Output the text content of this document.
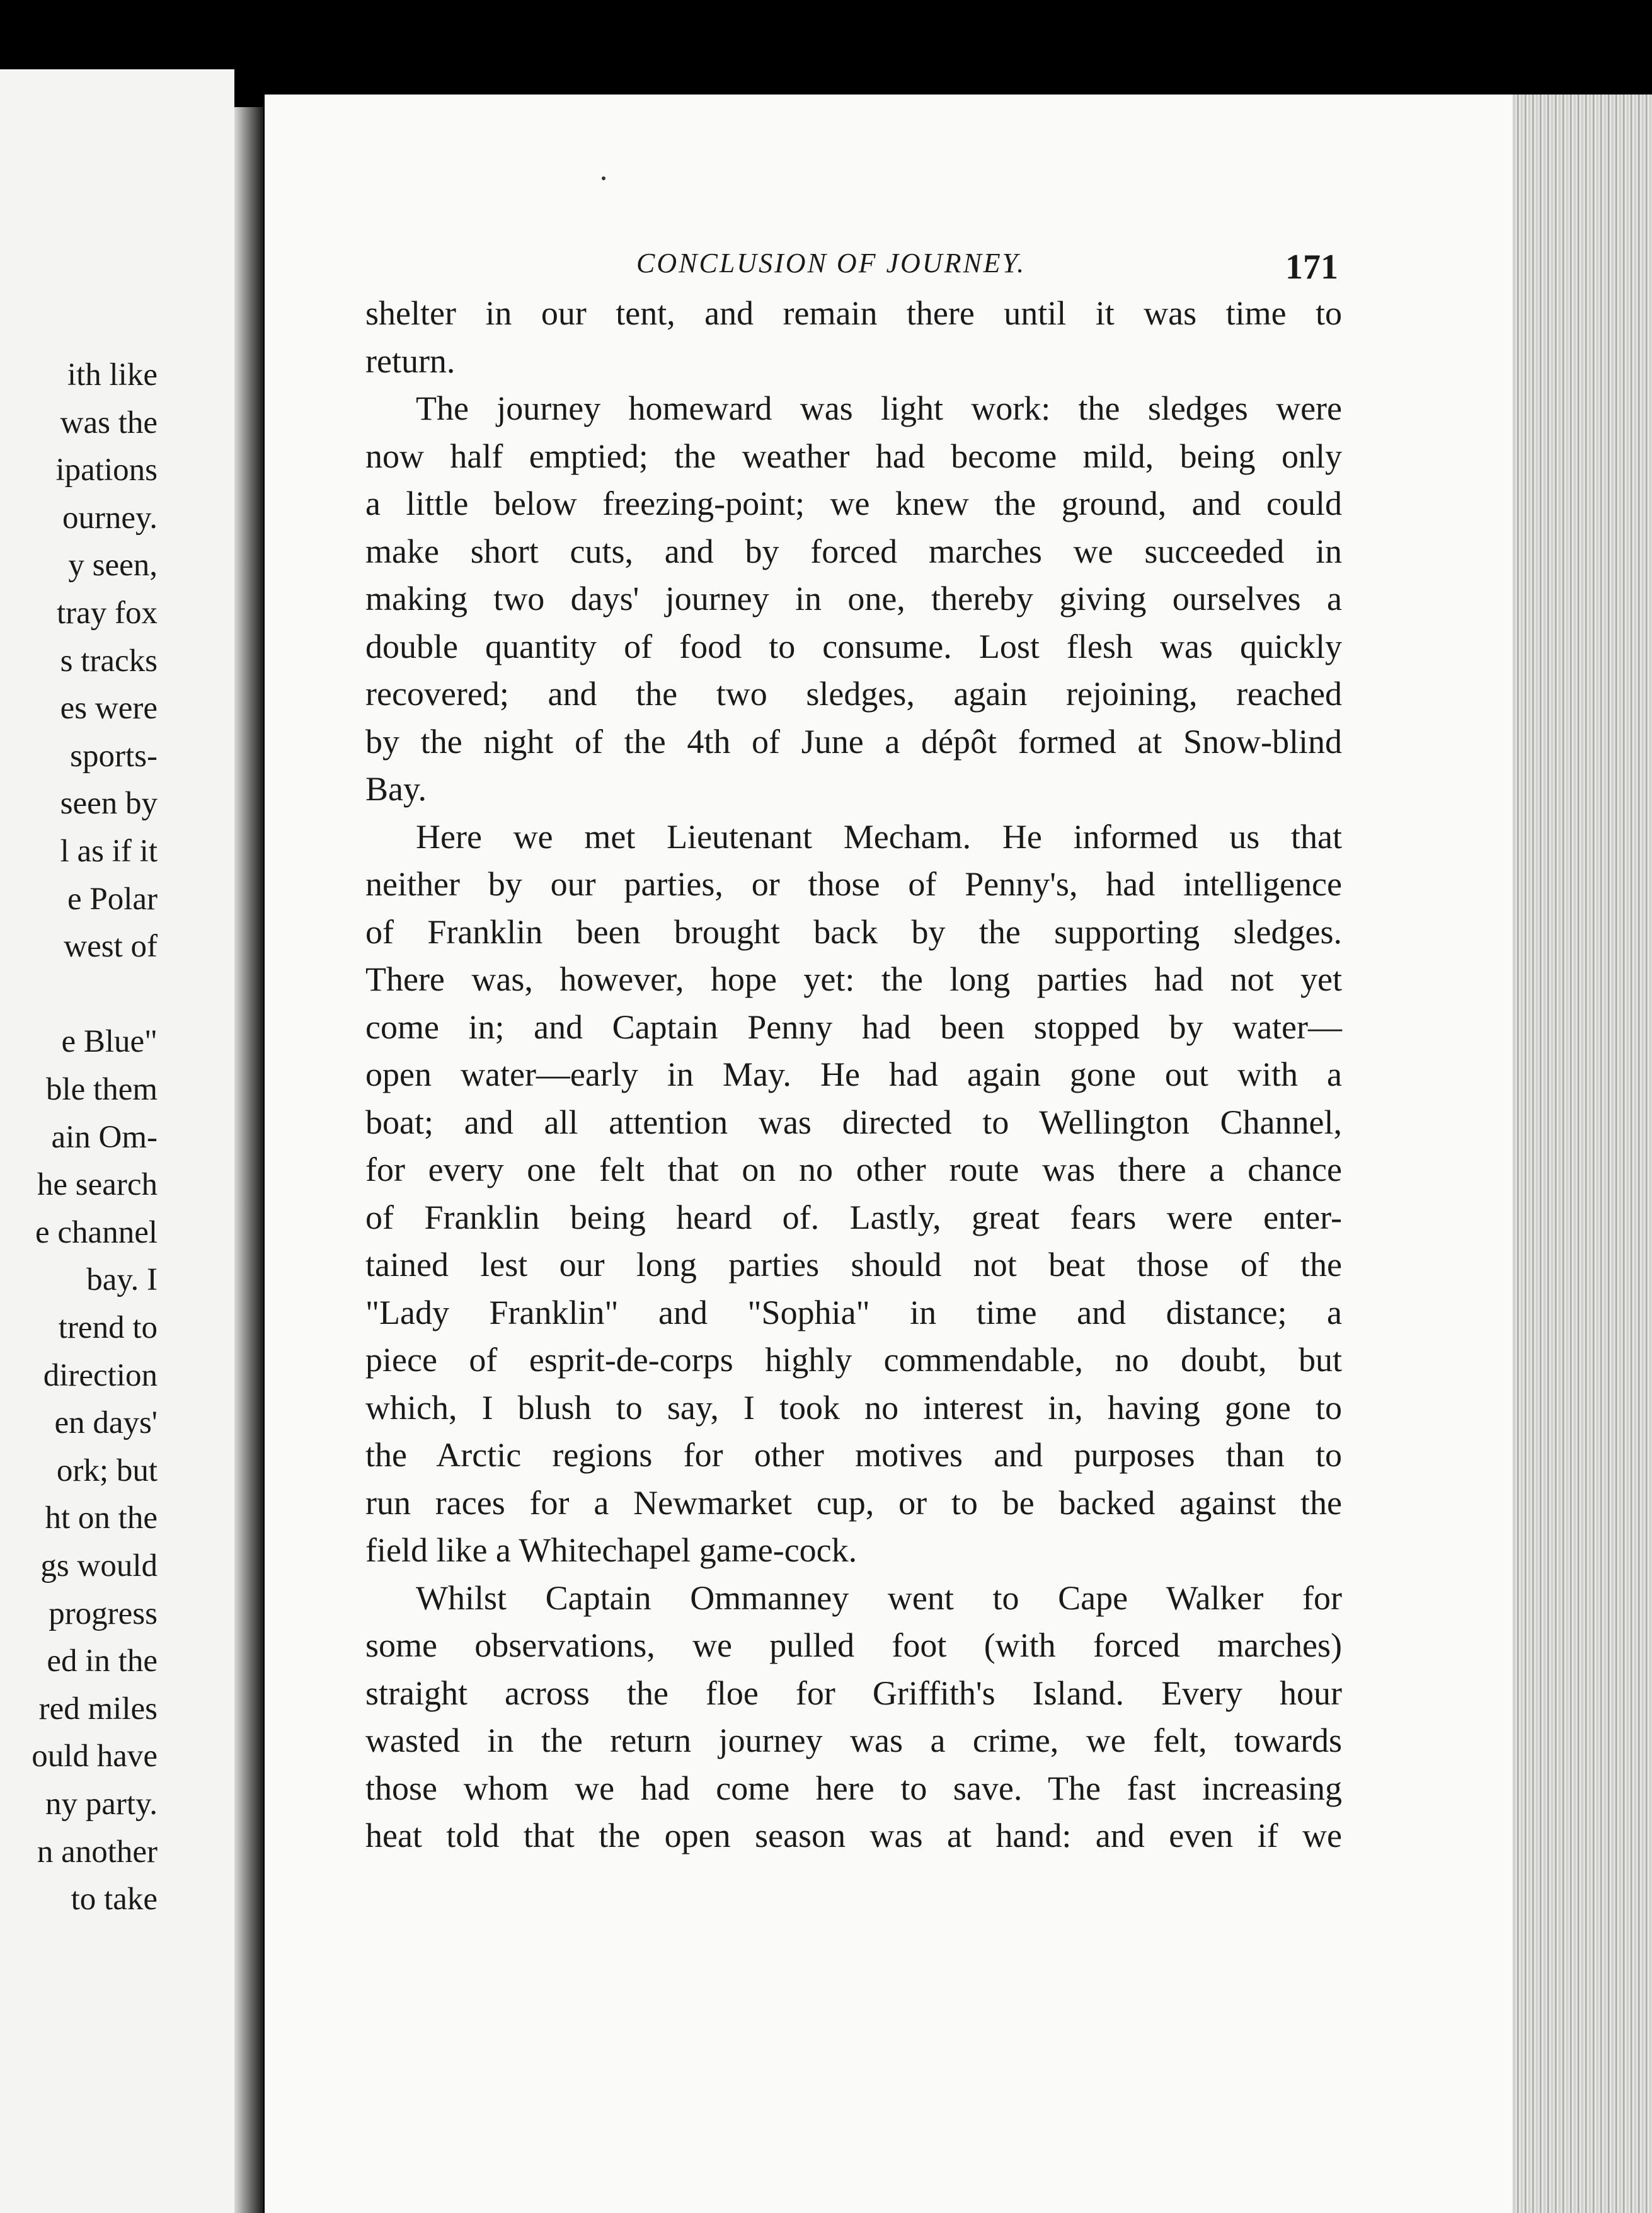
ith like
was the
ipations
ourney.
y seen,
tray fox
s tracks
es were
sports-
seen by
l as if it
e Polar
west of
e Blue"
ble them
ain Om-
he search
e channel
bay. I
trend to
direction
en days'
ork; but
ht on the
gs would
progress
ed in the
red miles
ould have
ny party.
n another
to take
CONCLUSION OF JOURNEY.	171
shelter in our tent, and remain there until it was time to
return.
The journey homeward was light work: the sledges were
now half emptied; the weather had become mild, being only
a little below freezing-point; we knew the ground, and could
make short cuts, and by forced marches we succeeded in
making two days' journey in one, thereby giving ourselves a
double quantity of food to consume. Lost flesh was quickly
recovered; and the two sledges, again rejoining, reached
by the night of the 4th of June a dépôt formed at Snow-blind
Bay.
Here we met Lieutenant Mecham. He informed us that
neither by our parties, or those of Penny's, had intelligence
of Franklin been brought back by the supporting sledges.
There was, however, hope yet: the long parties had not yet
come in; and Captain Penny had been stopped by water—
open water—early in May. He had again gone out with a
boat; and all attention was directed to Wellington Channel,
for every one felt that on no other route was there a chance
of Franklin being heard of. Lastly, great fears were enter-
tained lest our long parties should not beat those of the
"Lady Franklin" and "Sophia" in time and distance; a
piece of esprit-de-corps highly commendable, no doubt, but
which, I blush to say, I took no interest in, having gone to
the Arctic regions for other motives and purposes than to
run races for a Newmarket cup, or to be backed against the
field like a Whitechapel game-cock.
Whilst Captain Ommanney went to Cape Walker for
some observations, we pulled foot (with forced marches)
straight across the floe for Griffith's Island. Every hour
wasted in the return journey was a crime, we felt, towards
those whom we had come here to save. The fast increasing
heat told that the open season was at hand: and even if we
